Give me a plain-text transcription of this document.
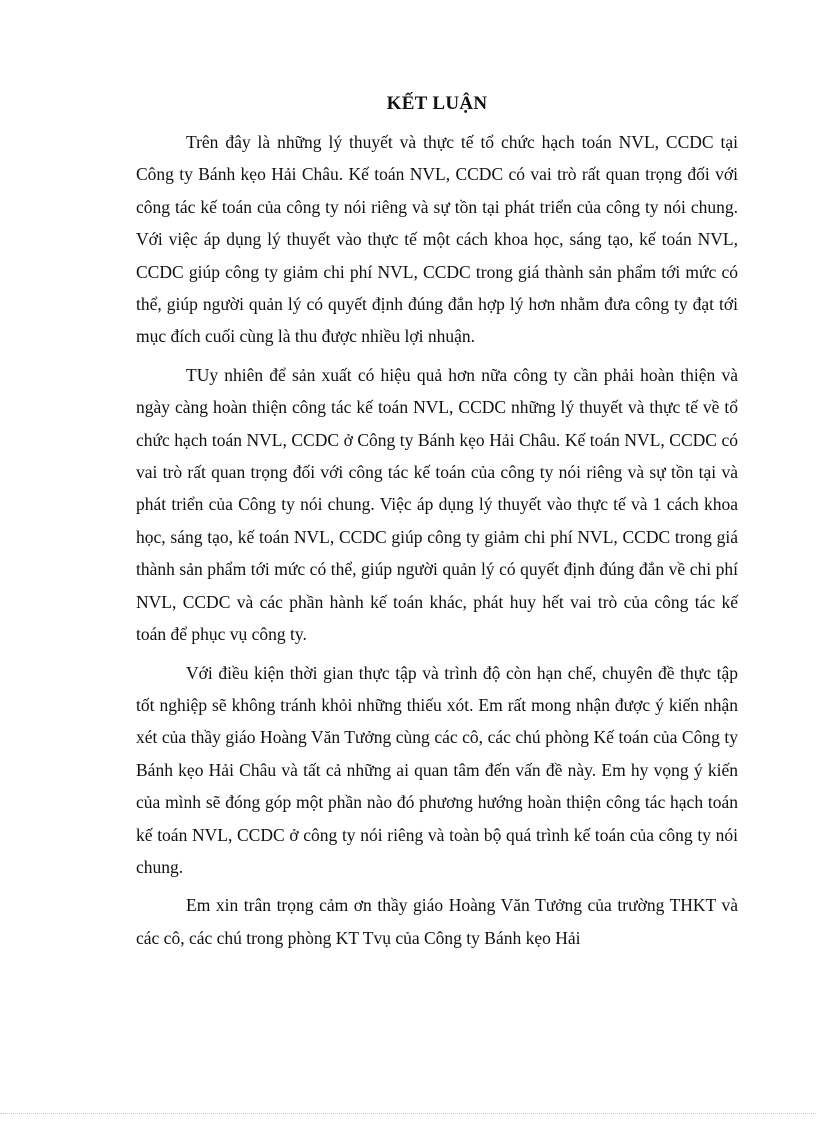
KẾT LUẬN

Trên đây là những lý thuyết và thực tế tổ chức hạch toán NVL, CCDC tại Công ty Bánh kẹo Hải Châu. Kế toán NVL, CCDC có vai trò rất quan trọng đối với công tác kế toán của công ty nói riêng và sự tồn tại phát triển của công ty nói chung. Với việc áp dụng lý thuyết vào thực tế một cách khoa học, sáng tạo, kế toán NVL, CCDC giúp công ty giảm chi phí NVL, CCDC trong giá thành sản phẩm tới mức có thể, giúp người quản lý có quyết định đúng đắn hợp lý hơn nhằm đưa công ty đạt tới mục đích cuối cùng là thu được nhiều lợi nhuận.

TUy nhiên để sản xuất có hiệu quả hơn nữa công ty cần phải hoàn thiện và ngày càng hoàn thiện công tác kế toán NVL, CCDC những lý thuyết và thực tế về tổ chức hạch toán NVL, CCDC ở Công ty Bánh kẹo Hải Châu. Kế toán NVL, CCDC có vai trò rất quan trọng đối với công tác kế toán của công ty nói riêng và sự tồn tại và phát triển của Công ty nói chung. Việc áp dụng lý thuyết vào thực tế và 1 cách khoa học, sáng tạo, kế toán NVL, CCDC giúp công ty giảm chi phí NVL, CCDC trong giá thành sản phẩm tới mức có thể, giúp người quản lý có quyết định đúng đắn về chi phí NVL, CCDC và các phần hành kế toán khác, phát huy hết vai trò của công tác kế toán để phục vụ công ty.

Với điều kiện thời gian thực tập và trình độ còn hạn chế, chuyên đề thực tập tốt nghiệp sẽ không tránh khỏi những thiếu xót. Em rất mong nhận được ý kiến nhận xét của thầy giáo Hoàng Văn Tưởng cùng các cô, các chú phòng Kế toán của Công ty Bánh kẹo Hải Châu và tất cả những ai quan tâm đến vấn đề này. Em hy vọng ý kiến của mình sẽ đóng góp một phần nào đó phương hướng hoàn thiện công tác hạch toán kế toán NVL, CCDC ở công ty nói riêng và toàn bộ quá trình kế toán của công ty nói chung.

Em xin trân trọng cảm ơn thầy giáo Hoàng Văn Tưởng của trường THKT và các cô, các chú trong phòng KT Tvụ của Công ty Bánh kẹo Hải
